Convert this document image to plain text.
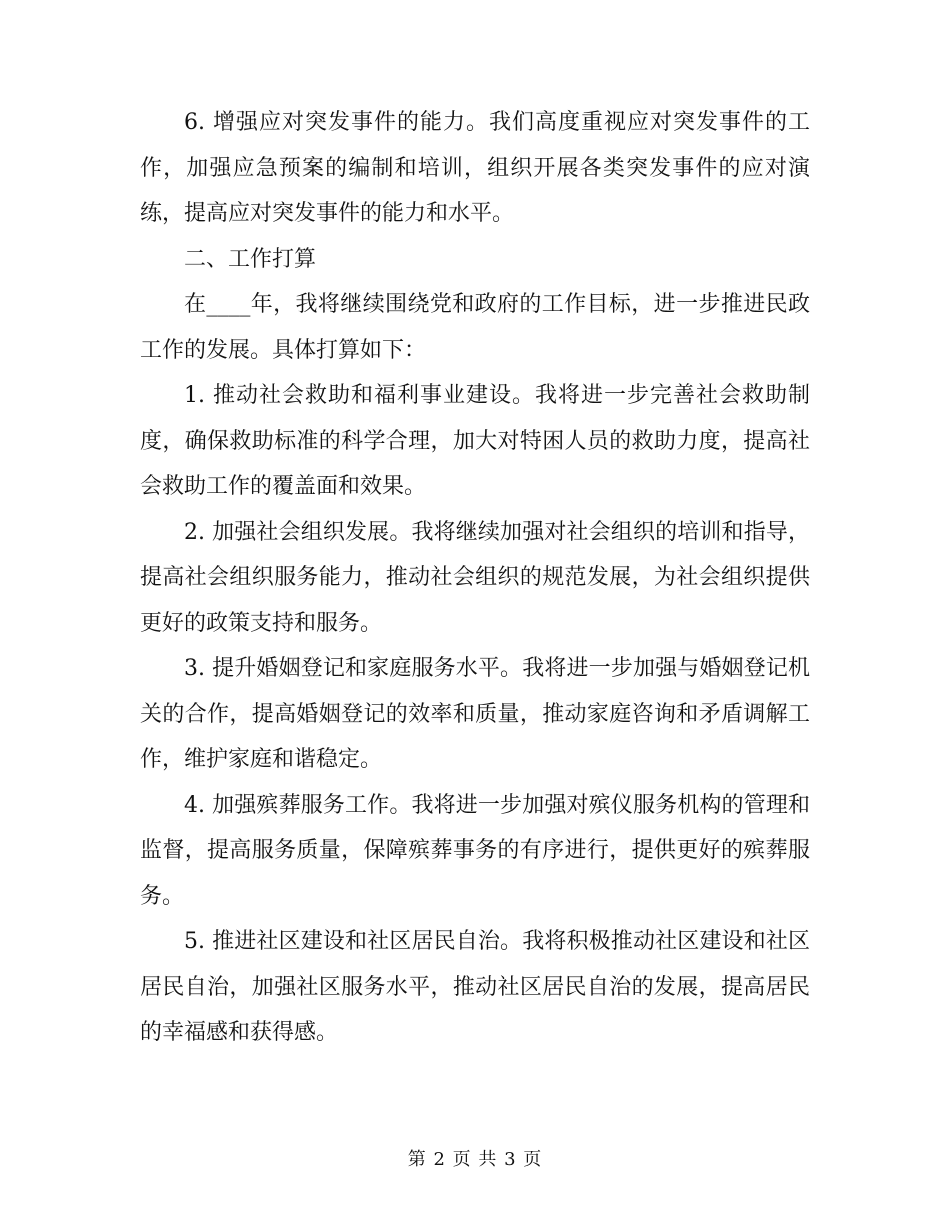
6. 增强应对突发事件的能力。我们高度重视应对突发事件的工作，加强应急预案的编制和培训，组织开展各类突发事件的应对演练，提高应对突发事件的能力和水平。

二、工作打算

在____年，我将继续围绕党和政府的工作目标，进一步推进民政工作的发展。具体打算如下：

1. 推动社会救助和福利事业建设。我将进一步完善社会救助制度，确保救助标准的科学合理，加大对特困人员的救助力度，提高社会救助工作的覆盖面和效果。

2. 加强社会组织发展。我将继续加强对社会组织的培训和指导，提高社会组织服务能力，推动社会组织的规范发展，为社会组织提供更好的政策支持和服务。

3. 提升婚姻登记和家庭服务水平。我将进一步加强与婚姻登记机关的合作，提高婚姻登记的效率和质量，推动家庭咨询和矛盾调解工作，维护家庭和谐稳定。

4. 加强殡葬服务工作。我将进一步加强对殡仪服务机构的管理和监督，提高服务质量，保障殡葬事务的有序进行，提供更好的殡葬服务。

5. 推进社区建设和社区居民自治。我将积极推动社区建设和社区居民自治，加强社区服务水平，推动社区居民自治的发展，提高居民的幸福感和获得感。

第 2 页 共 3 页
